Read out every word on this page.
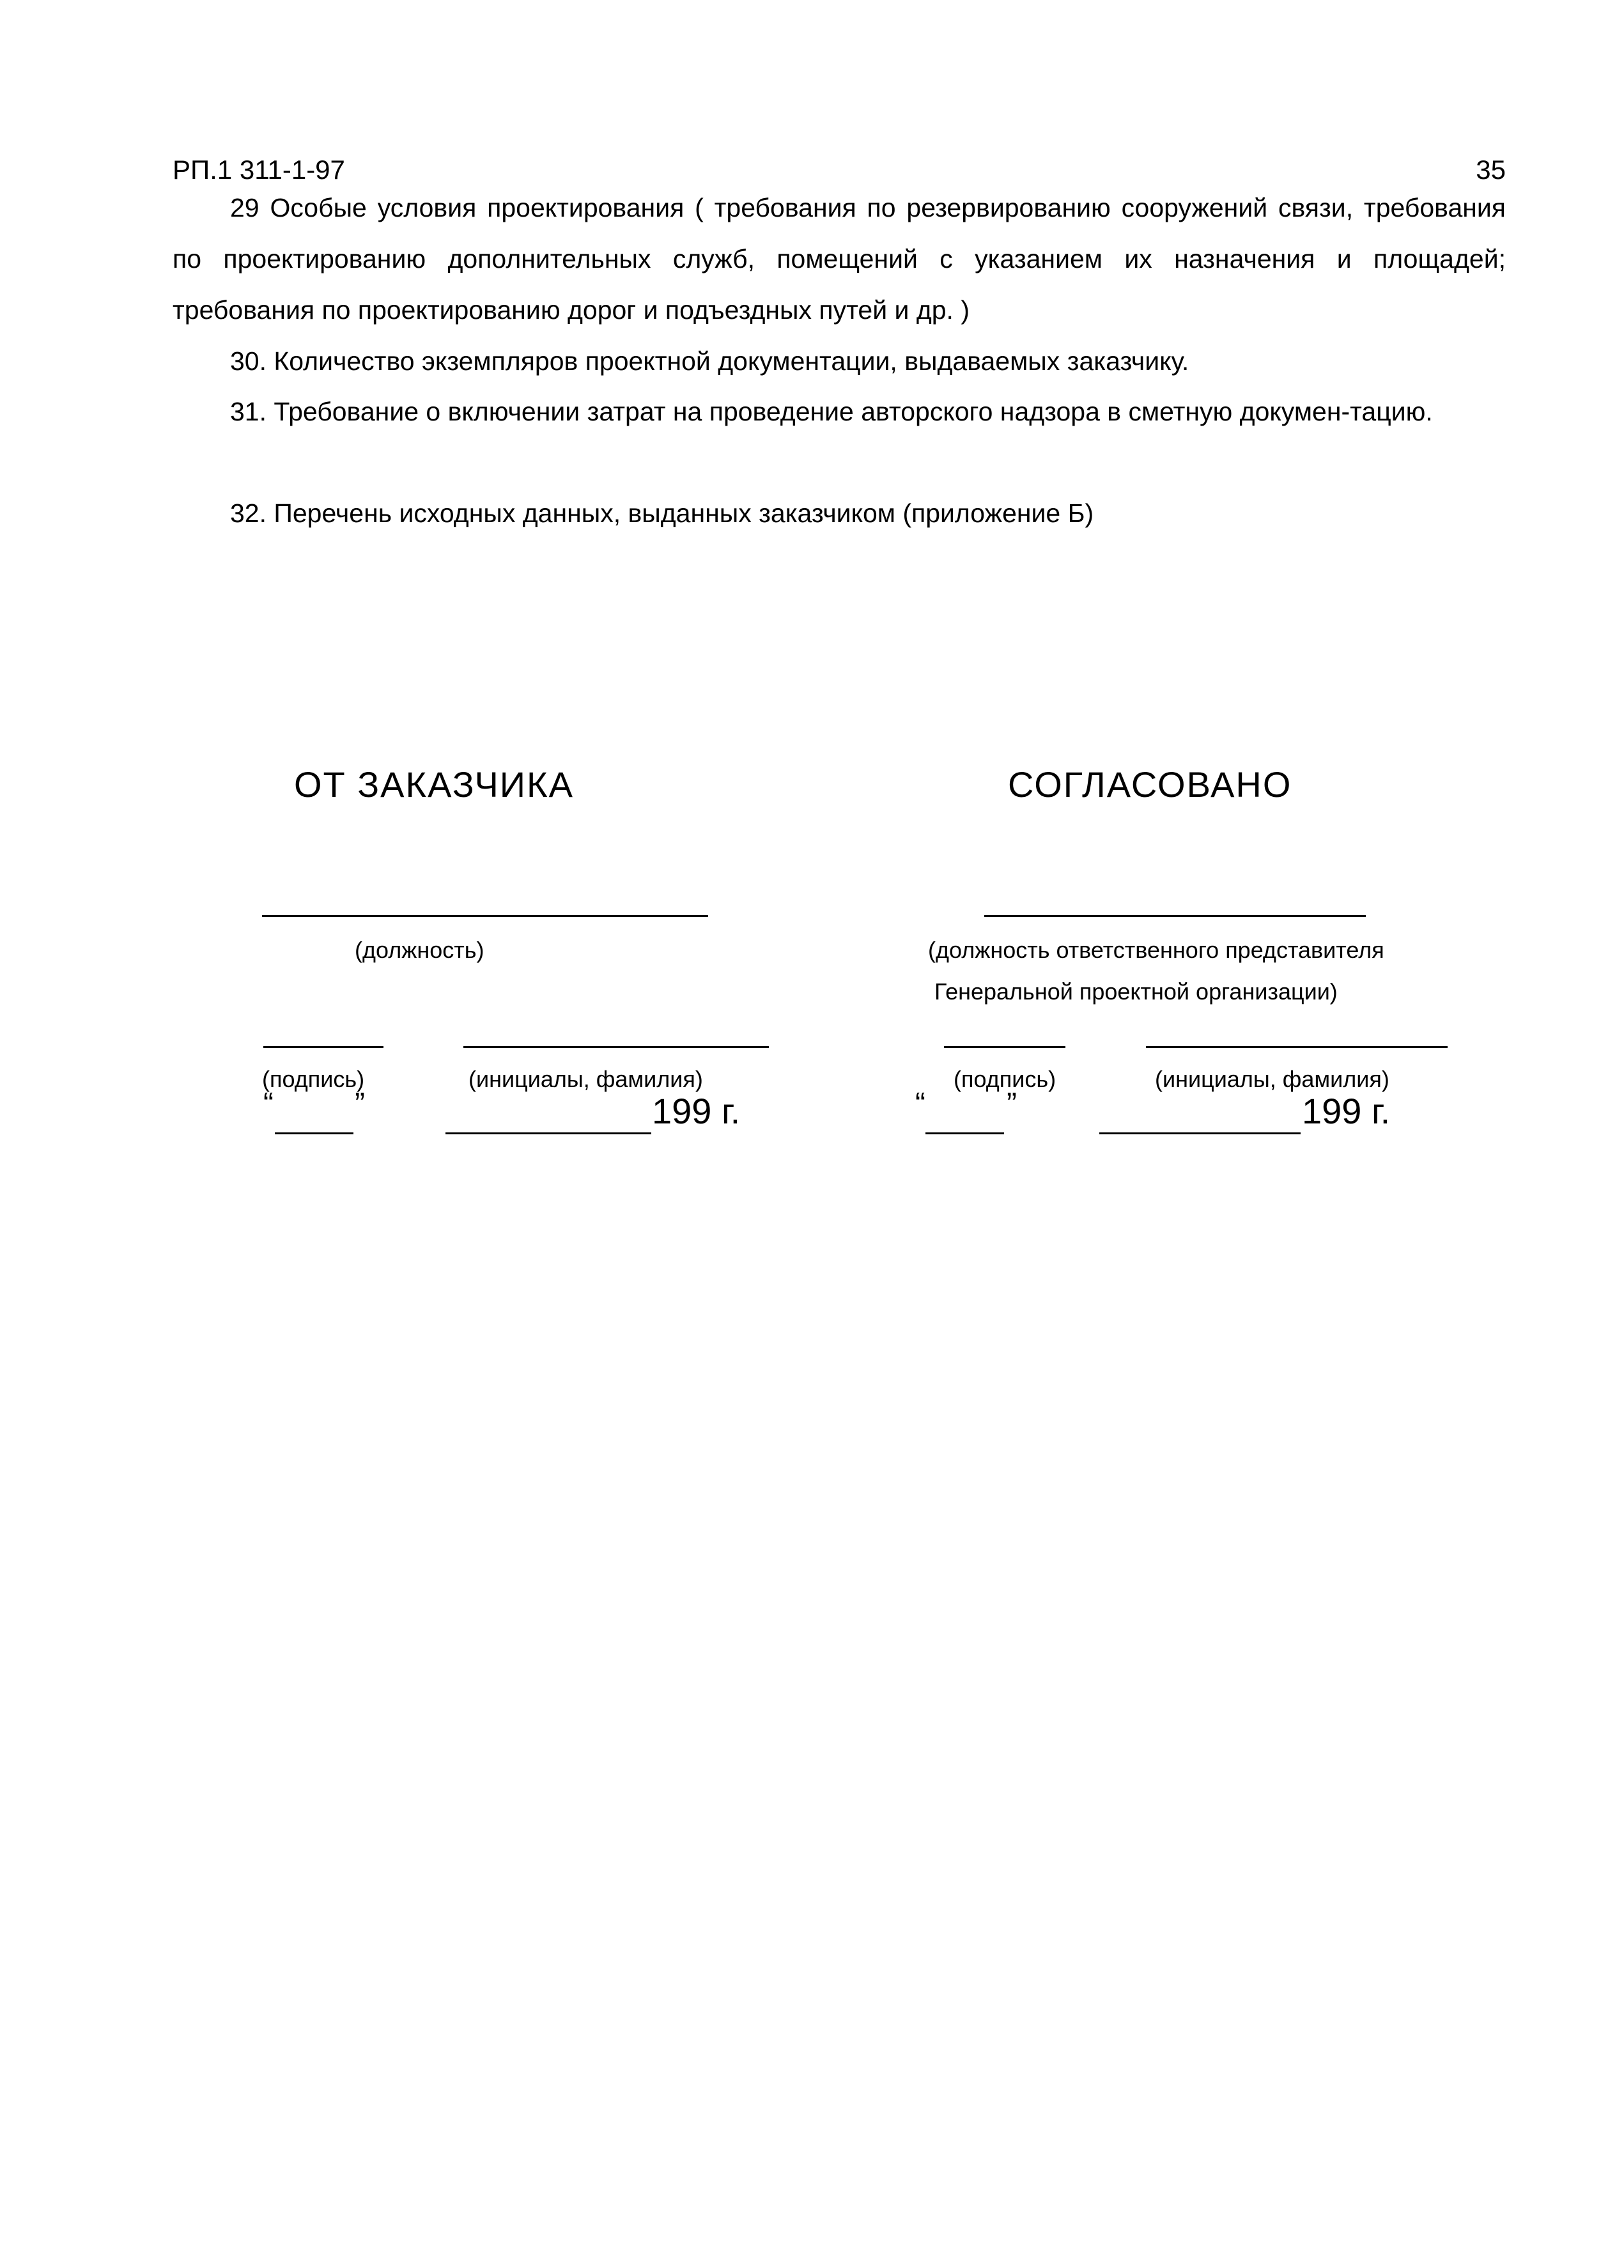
РП.1 311-1-97	35
29 Особые условия проектирования ( требования по резервированию сооружений связи, требования по проектированию дополнительных служб, помещений с указанием их назначения и площадей; требования по проектированию дорог и подъездных путей и др. )
30. Количество экземпляров проектной документации, выдаваемых заказчику.
31. Требование о включении затрат на проведение авторского надзора в сметную докумен-тацию.
32. Перечень исходных данных, выданных заказчиком (приложение Б)
ОТ ЗАКАЗЧИКА
(должность)
(подпись)	(инициалы, фамилия)
“	”	199 г.
СОГЛАСОВАНО
(должность ответственного представителя
Генеральной проектной организации)
(подпись)	(инициалы, фамилия)
“	”	199 г.
